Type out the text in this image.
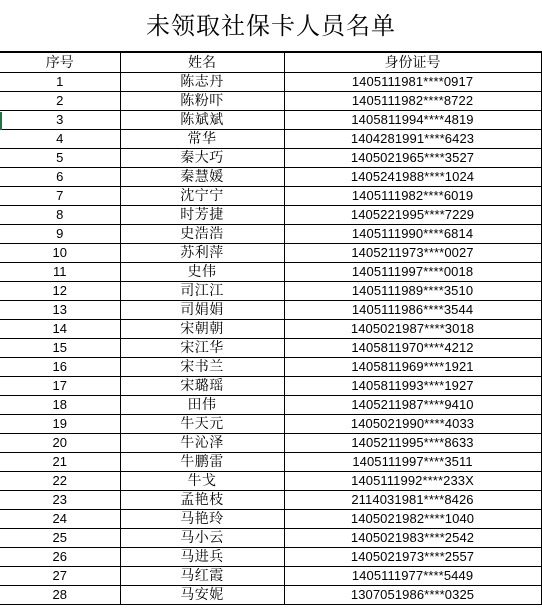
未领取社保卡人员名单
序号	姓名	身份证号
1	陈志丹	1405111981****0917
2	陈粉吓	1405111982****8722
3	陈斌斌	1405811994****4819
4	常华	1404281991****6423
5	秦大巧	1405021965****3527
6	秦慧媛	1405241988****1024
7	沈宁宁	1405111982****6019
8	时芳捷	1405221995****7229
9	史浩浩	1405111990****6814
10	苏利萍	1405211973****0027
11	史伟	1405111997****0018
12	司江江	1405111989****3510
13	司娟娟	1405111986****3544
14	宋朝朝	1405021987****3018
15	宋江华	1405811970****4212
16	宋书兰	1405811969****1921
17	宋璐瑶	1405811993****1927
18	田伟	1405211987****9410
19	牛天元	1405021990****4033
20	牛沁泽	1405211995****8633
21	牛鹏雷	1405111997****3511
22	牛戈	1405111992****233X
23	孟艳枝	2114031981****8426
24	马艳玲	1405021982****1040
25	马小云	1405021983****2542
26	马进兵	1405021973****2557
27	马红霞	1405111977****5449
28	马安妮	1307051986****0325
